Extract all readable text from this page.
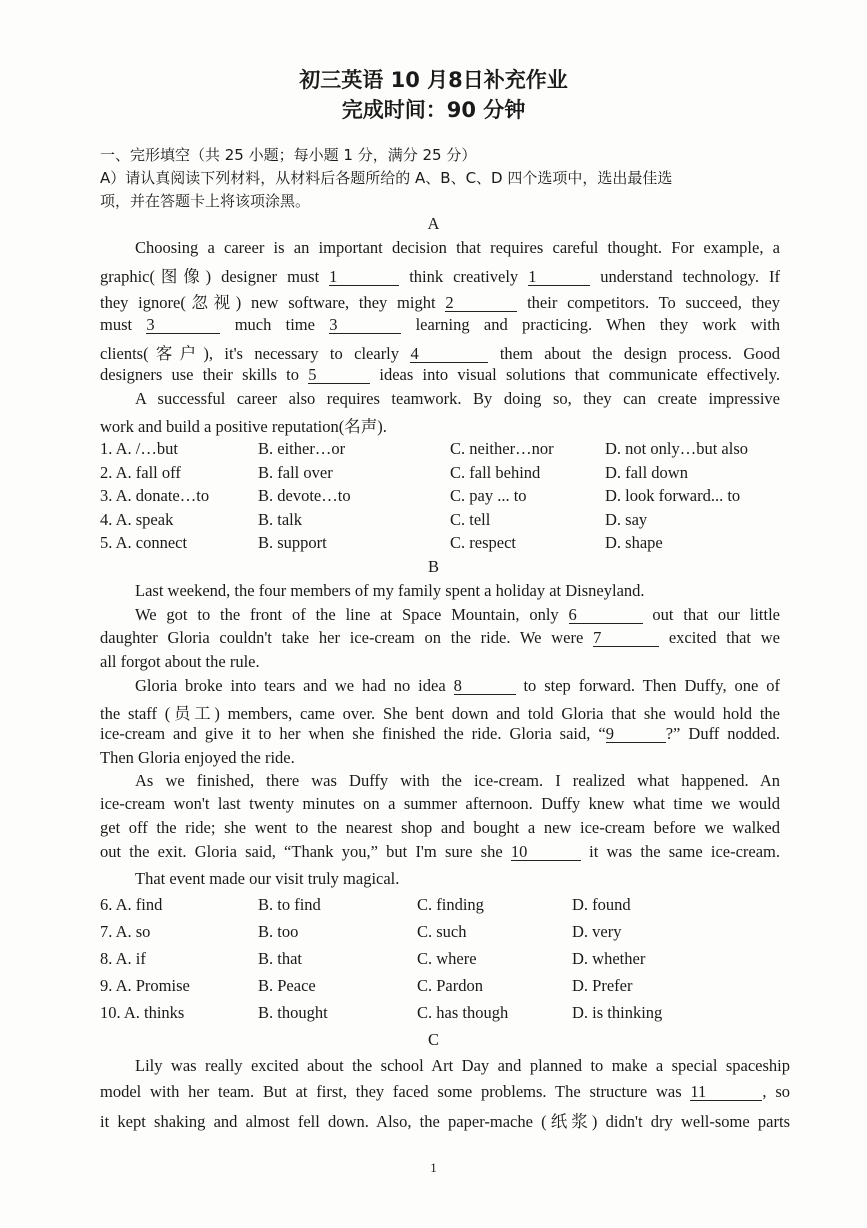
初三英语 10 月8日补充作业
完成时间：90 分钟
一、完形填空（共 25 小题；每小题 1 分，满分 25 分）
A）请认真阅读下列材料，从材料后各题所给的 A、B、C、D 四个选项中，选出最佳选
项，并在答题卡上将该项涂黑。
A
Choosing a career is an important decision that requires careful thought. For example, a
graphic(图像) designer must 1	think creatively 1	understand technology. If
they ignore(忽视) new software, they might 2	their competitors. To succeed, they
must 3	much time 3	learning and practicing. When they work with
clients(客户), it's necessary to clearly 4	them about the design process. Good
designers use their skills to 5	ideas into visual solutions that communicate effectively.
A successful career also requires teamwork. By doing so, they can create impressive
work and build a positive reputation(名声).
1. A. /…but	B. either…or	C. neither…nor	D. not only…but also
2. A. fall off	B. fall over	C. fall behind	D. fall down
3. A. donate…to	B. devote…to	C. pay ... to	D. look forward... to
4. A. speak	B. talk	C. tell	D. say
5. A. connect	B. support	C. respect	D. shape
B
Last weekend, the four members of my family spent a holiday at Disneyland.
We got to the front of the line at Space Mountain, only 6	out that our little
daughter Gloria couldn't take her ice-cream on the ride. We were 7	excited that we
all forgot about the rule.
Gloria broke into tears and we had no idea 8	to step forward. Then Duffy, one of
the staff (员工) members, came over. She bent down and told Gloria that she would hold the
ice-cream and give it to her when she finished the ride. Gloria said, “9	?” Duff nodded.
Then Gloria enjoyed the ride.
As we finished, there was Duffy with the ice-cream. I realized what happened. An
ice-cream won't last twenty minutes on a summer afternoon. Duffy knew what time we would
get off the ride; she went to the nearest shop and bought a new ice-cream before we walked
out the exit. Gloria said, “Thank you,” but I'm sure she 10	it was the same ice-cream.
That event made our visit truly magical.
6. A. find	B. to find	C. finding	D. found
7. A. so	B. too	C. such	D. very
8. A. if	B. that	C. where	D. whether
9. A. Promise	B. Peace	C. Pardon	D. Prefer
10. A. thinks	B. thought	C. has though	D. is thinking
C
Lily was really excited about the school Art Day and planned to make a special spaceship
model with her team. But at first, they faced some problems. The structure was 11	, so
it kept shaking and almost fell down. Also, the paper-mache (纸浆) didn't dry well-some parts
1
